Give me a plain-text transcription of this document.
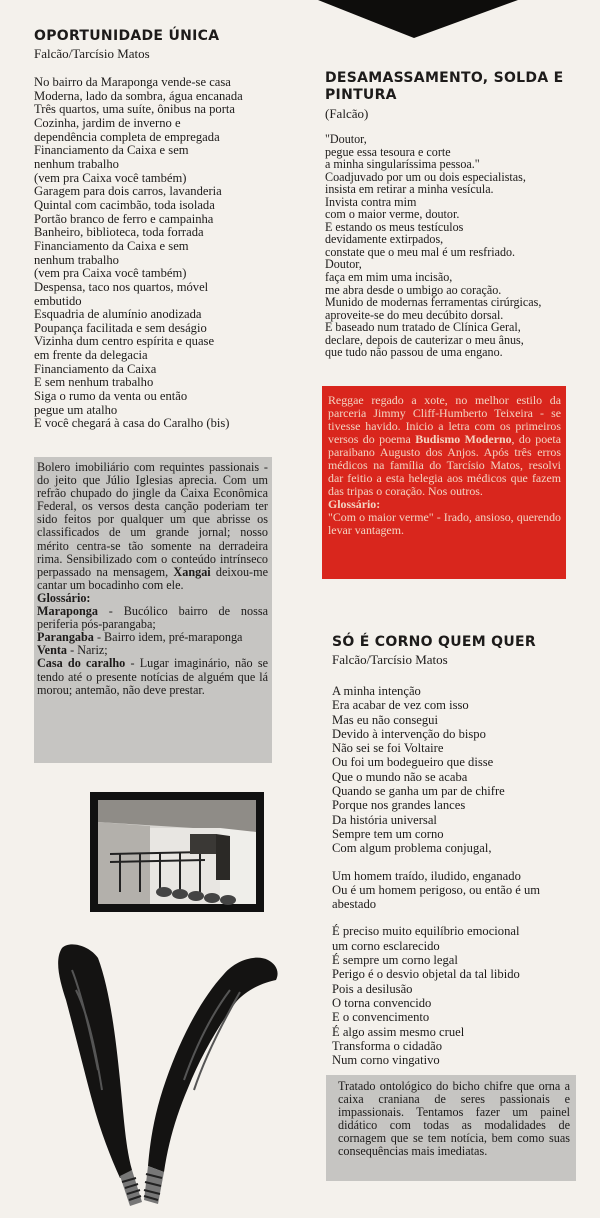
OPORTUNIDADE ÚNICA
Falcão/Tarcísio Matos
No bairro da Maraponga vende-se casa
Moderna, lado da sombra, água encanada
Três quartos, uma suíte, ônibus na porta
Cozinha, jardim de inverno e
dependência completa de empregada
Financiamento da Caixa e sem
nenhum trabalho
(vem pra Caixa você também)
Garagem para dois carros, lavanderia
Quintal com cacimbão, toda isolada
Portão branco de ferro e campainha
Banheiro, biblioteca, toda forrada
Financiamento da Caixa e sem
nenhum trabalho
(vem pra Caixa você também)
Despensa, taco nos quartos, móvel
embutido
Esquadria de alumínio anodizada
Poupança facilitada e sem deságio
Vizinha dum centro espírita e quase
em frente da delegacia
Financiamento da Caixa
E sem nenhum trabalho
Siga o rumo da venta ou então
pegue um atalho
E você chegará à casa do Caralho (bis)
Bolero imobiliário com requintes passionais - do jeito que Júlio Iglesias aprecia. Com um refrão chupado do jingle da Caixa Econômica Federal, os versos desta canção poderiam ter sido feitos por qualquer um que abrisse os classificados de um grande jornal; nosso mérito centra-se tão somente na derradeira rima. Sensibilizado com o conteúdo intrínseco perpassado na mensagem, Xangai deixou-me cantar um bocadinho com ele.
Glossário:
Maraponga - Bucólico bairro de nossa periferia pós-parangaba;
Parangaba - Bairro idem, pré-maraponga
Venta - Nariz;
Casa do caralho - Lugar imaginário, não se tendo até o presente notícias de alguém que lá morou; antemão, não deve prestar.
DESAMASSAMENTO, SOLDA E PINTURA
(Falcão)
"Doutor,
pegue essa tesoura e corte
a minha singularíssima pessoa."
Coadjuvado por um ou dois especialistas,
insista em retirar a minha vesícula.
Invista contra mim
com o maior verme, doutor.
E estando os meus testículos
devidamente extirpados,
constate que o meu mal é um resfriado.
Doutor,
faça em mim uma incisão,
me abra desde o umbigo ao coração.
Munido de modernas ferramentas cirúrgicas,
aproveite-se do meu decúbito dorsal.
E baseado num tratado de Clínica Geral,
declare, depois de cauterizar o meu ânus,
que tudo não passou de uma engano.
Reggae regado a xote, no melhor estilo da parceria Jimmy Cliff-Humberto Teixeira - se tivesse havido. Inicio a letra com os primeiros versos do poema Budismo Moderno, do poeta paraibano Augusto dos Anjos. Após três erros médicos na família do Tarcísio Matos, resolvi dar feitio a esta helegia aos médicos que fazem das tripas o coração. Nos outros.
Glossário:
"Com o maior verme" - Irado, ansioso, querendo levar vantagem.
SÓ É CORNO QUEM QUER
Falcão/Tarcísio Matos
A minha intenção
Era acabar de vez com isso
Mas eu não consegui
Devido à intervenção do bispo
Não sei se foi Voltaire
Ou foi um bodegueiro que disse
Que o mundo não se acaba
Quando se ganha um par de chifre
Porque nos grandes lances
Da história universal
Sempre tem um corno
Com algum problema conjugal,
Um homem traído, iludido, enganado
Ou é um homem perigoso, ou então é um
abestado
É preciso muito equilíbrio emocional
um corno esclarecido
É sempre um corno legal
Perigo é o desvio objetal da tal libido
Pois a desilusão
O torna convencido
E o convencimento
É algo assim mesmo cruel
Transforma o cidadão
Num corno vingativo
Tratado ontológico do bicho chifre que orna a caixa craniana de seres passionais e impassionais. Tentamos fazer um painel didático com todas as modalidades de cornagem que se tem notícia, bem como suas consequências mais imediatas.
